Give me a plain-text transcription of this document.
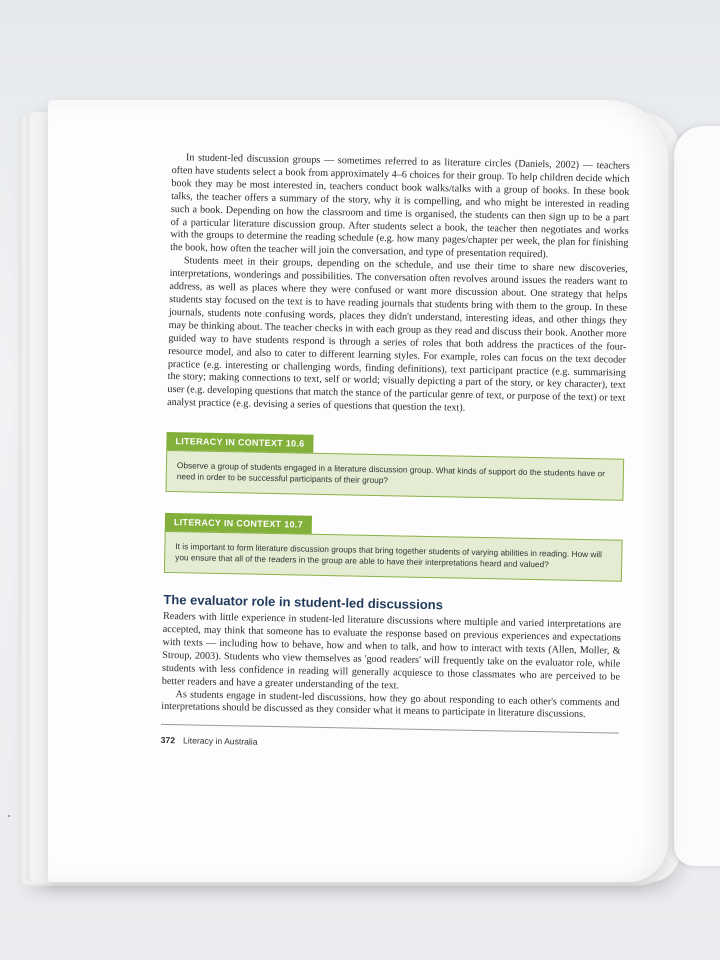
In student-led discussion groups — sometimes referred to as literature circles (Daniels, 2002) — teachers often have students select a book from approximately 4–6 choices for their group. To help children decide which book they may be most interested in, teachers conduct book walks/talks with a group of books. In these book talks, the teacher offers a summary of the story, why it is compelling, and who might be interested in reading such a book. Depending on how the classroom and time is organised, the students can then sign up to be a part of a particular literature discussion group. After students select a book, the teacher then negotiates and works with the groups to determine the reading schedule (e.g. how many pages/chapter per week, the plan for finishing the book, how often the teacher will join the conversation, and type of presentation required).

Students meet in their groups, depending on the schedule, and use their time to share new discoveries, interpretations, wonderings and possibilities. The conversation often revolves around issues the readers want to address, as well as places where they were confused or want more discussion about. One strategy that helps students stay focused on the text is to have reading journals that students bring with them to the group. In these journals, students note confusing words, places they didn't understand, interesting ideas, and other things they may be thinking about. The teacher checks in with each group as they read and discuss their book. Another more guided way to have students respond is through a series of roles that both address the practices of the four-resource model, and also to cater to different learning styles. For example, roles can focus on the text decoder practice (e.g. interesting or challenging words, finding definitions), text participant practice (e.g. summarising the story; making connections to text, self or world; visually depicting a part of the story, or key character), text user (e.g. developing questions that match the stance of the particular genre of text, or purpose of the text) or text analyst practice (e.g. devising a series of questions that question the text).

LITERACY IN CONTEXT 10.6
Observe a group of students engaged in a literature discussion group. What kinds of support do the students have or need in order to be successful participants of their group?
LITERACY IN CONTEXT 10.7
It is important to form literature discussion groups that bring together students of varying abilities in reading. How will you ensure that all of the readers in the group are able to have their interpretations heard and valued?
The evaluator role in student-led discussions

Readers with little experience in student-led literature discussions where multiple and varied interpretations are accepted, may think that someone has to evaluate the response based on previous experiences and expectations with texts — including how to behave, how and when to talk, and how to interact with texts (Allen, Moller, & Stroup, 2003). Students who view themselves as 'good readers' will frequently take on the evaluator role, while students with less confidence in reading will generally acquiesce to those classmates who are perceived to be better readers and have a greater understanding of the text.

As students engage in student-led discussions, how they go about responding to each other's comments and interpretations should be discussed as they consider what it means to participate in literature discussions.

372 Literacy in Australia
